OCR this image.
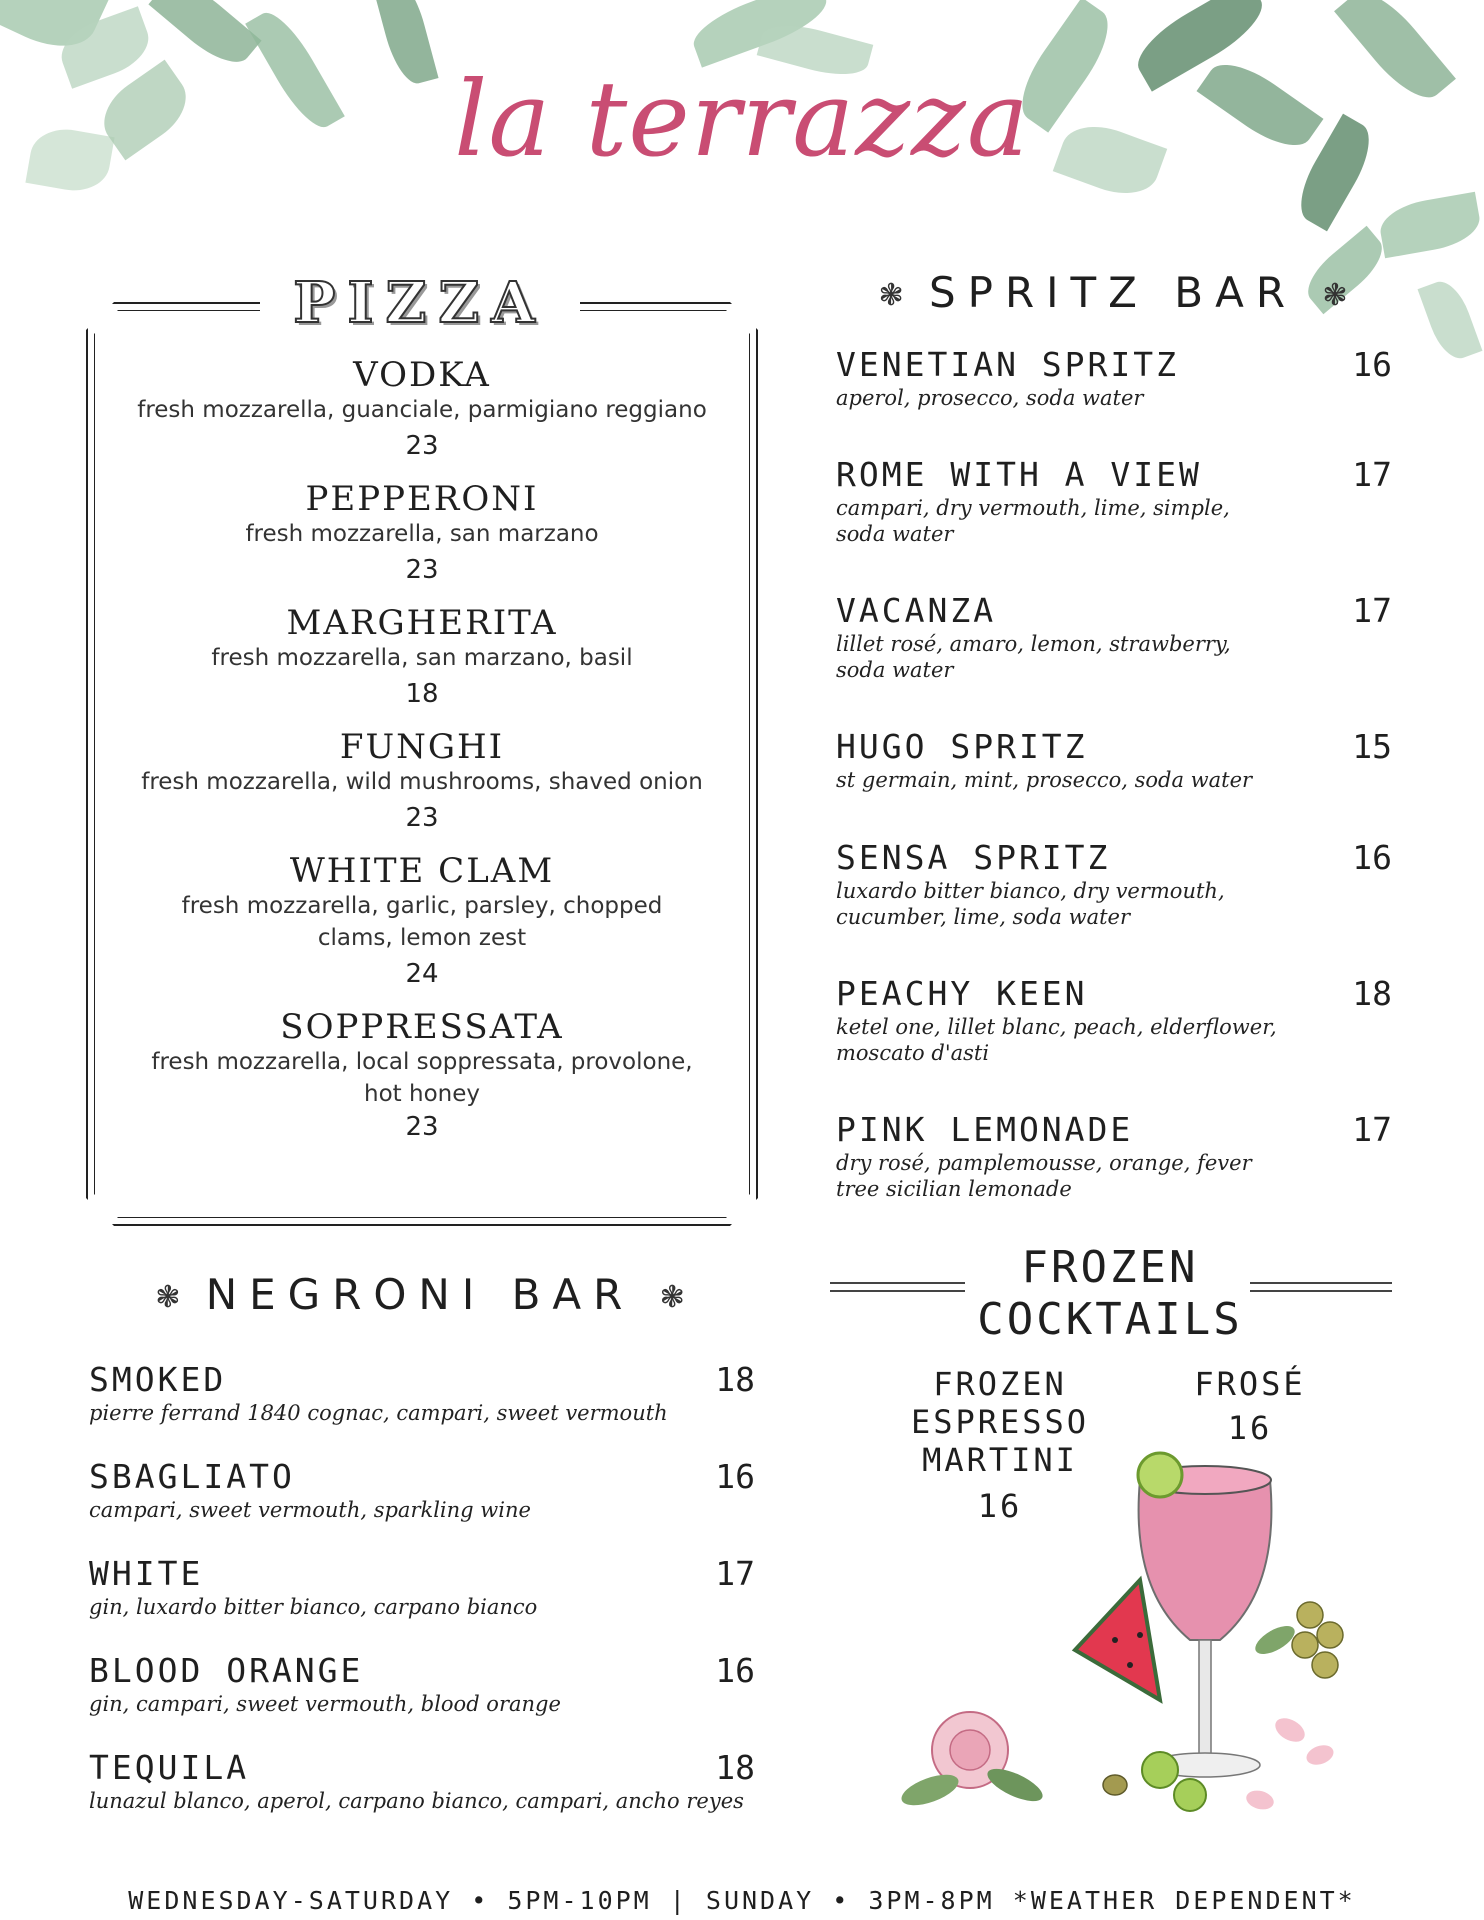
la terrazza
PIZZA
VODKA
fresh mozzarella, guanciale, parmigiano reggiano
23
PEPPERONI
fresh mozzarella, san marzano
23
MARGHERITA
fresh mozzarella, san marzano, basil
18
FUNGHI
fresh mozzarella, wild mushrooms, shaved onion
23
WHITE CLAM
fresh mozzarella, garlic, parsley, chopped clams, lemon zest
24
SOPPRESSATA
fresh mozzarella, local soppressata, provolone, hot honey
23
❃ SPRITZ BAR ❃
VENETIAN SPRITZ	16
aperol, prosecco, soda water
ROME WITH A VIEW	17
campari, dry vermouth, lime, simple, soda water
VACANZA	17
lillet rosé, amaro, lemon, strawberry, soda water
HUGO SPRITZ	15
st germain, mint, prosecco, soda water
SENSA SPRITZ	16
luxardo bitter bianco, dry vermouth, cucumber, lime, soda water
PEACHY KEEN	18
ketel one, lillet blanc, peach, elderflower, moscato d'asti
PINK LEMONADE	17
dry rosé, pamplemousse, orange, fever tree sicilian lemonade
❃ NEGRONI BAR ❃
SMOKED	18
pierre ferrand 1840 cognac, campari, sweet vermouth
SBAGLIATO	16
campari, sweet vermouth, sparkling wine
WHITE	17
gin, luxardo bitter bianco, carpano bianco
BLOOD ORANGE	16
gin, campari, sweet vermouth, blood orange
TEQUILA	18
lunazul blanco, aperol, carpano bianco, campari, ancho reyes
FROZEN
COCKTAILS
FROZEN
ESPRESSO
MARTINI
16
FROSÉ
16
WEDNESDAY-SATURDAY • 5PM-10PM | SUNDAY • 3PM-8PM *WEATHER DEPENDENT*
